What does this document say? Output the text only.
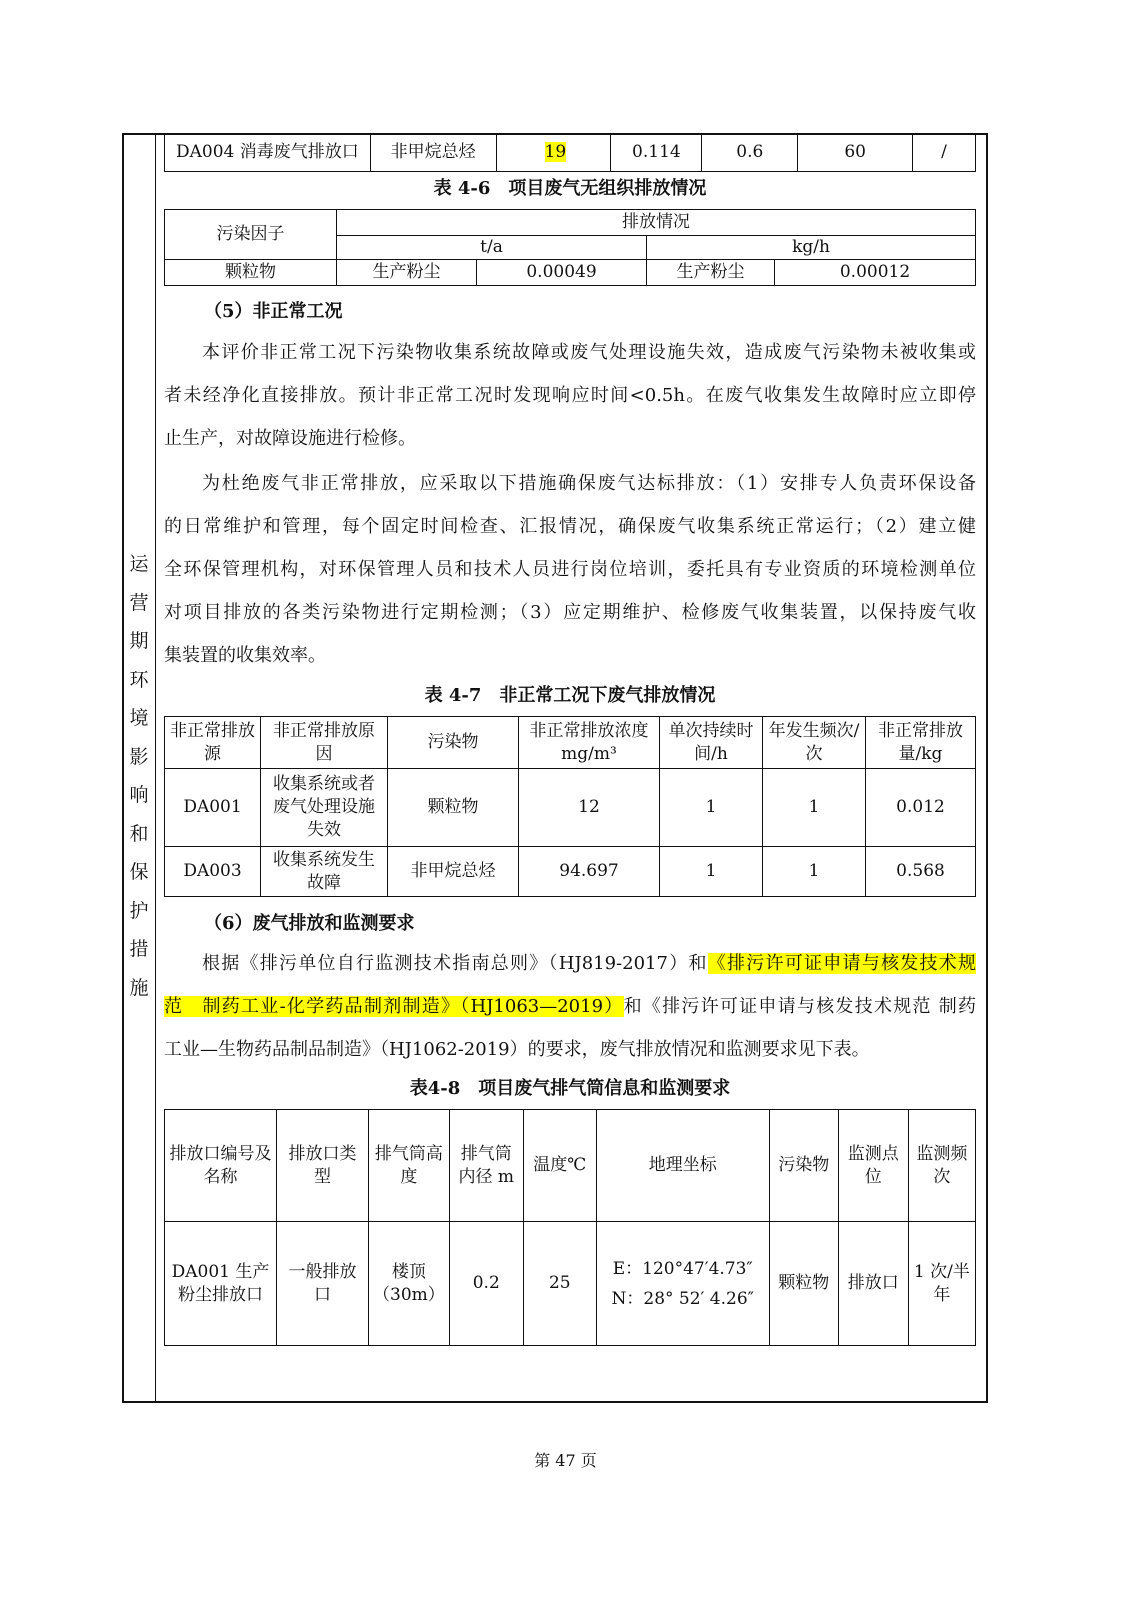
运
营
期
环
境
影
响
和
保
护
措
施
DA004 消毒废气排放口	非甲烷总烃	19	0.114	0.6	60	/
表 4-6　项目废气无组织排放情况
污染因子	排放情况			
	t/a		kg/h	
颗粒物	生产粉尘	0.00049	生产粉尘	0.00012
（5）非正常工况
本评价非正常工况下污染物收集系统故障或废气处理设施失效，造成废气污染物未被收集或
者未经净化直接排放。预计非正常工况时发现响应时间<0.5h。在废气收集发生故障时应立即停
止生产，对故障设施进行检修。
为杜绝废气非正常排放，应采取以下措施确保废气达标排放：（1）安排专人负责环保设备
的日常维护和管理，每个固定时间检查、汇报情况，确保废气收集系统正常运行；（2）建立健
全环保管理机构，对环保管理人员和技术人员进行岗位培训，委托具有专业资质的环境检测单位
对项目排放的各类污染物进行定期检测；（3）应定期维护、检修废气收集装置，以保持废气收
集装置的收集效率。
表 4-7　非正常工况下废气排放情况
非正常排放源	非正常排放原因	污染物	非正常排放浓度 mg/m³	单次持续时间/h	年发生频次/次	非正常排放量/kg
DA001	收集系统或者废气处理设施失效	颗粒物	12	1	1	0.012
DA003	收集系统发生故障	非甲烷总烃	94.697	1	1	0.568
（6）废气排放和监测要求
根据《排污单位自行监测技术指南总则》（HJ819-2017）和《排污许可证申请与核发技术规
范　制药工业-化学药品制剂制造》（HJ1063—2019）和《排污许可证申请与核发技术规范 制药
工业—生物药品制品制造》（HJ1062-2019）的要求，废气排放情况和监测要求见下表。
表4-8　项目废气排气筒信息和监测要求
排放口编号及名称	排放口类型	排气筒高度	排气筒内径 m	温度℃	地理坐标	污染物	监测点位	监测频次
DA001 生产粉尘排放口	一般排放口	楼顶（30m）	0.2	25	E：120°47′4.73″
N：28° 52′ 4.26″	颗粒物	排放口	1 次/半年
第 47 页
